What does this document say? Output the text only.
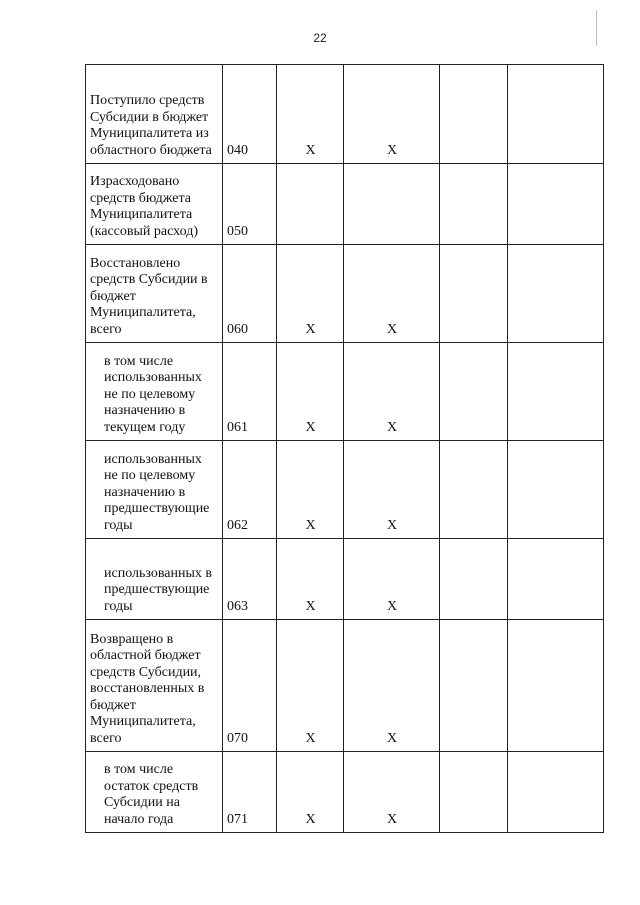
22
Поступило средств Субсидии в бюджет Муниципалитета из областного бюджета	040	X	X		
Израсходовано средств бюджета Муниципалитета (кассовый расход)	050				
Восстановлено средств Субсидии в бюджет Муниципалитета, всего	060	X	X		
в том числе использованных не по целевому назначению в текущем году	061	X	X		
использованных не по целевому назначению в предшествующие годы	062	X	X		
использованных в предшествующие годы	063	X	X		
Возвращено в областной бюджет средств Субсидии, восстановленных в бюджет Муниципалитета, всего	070	X	X		
в том числе остаток средств Субсидии на начало года	071	X	X		
